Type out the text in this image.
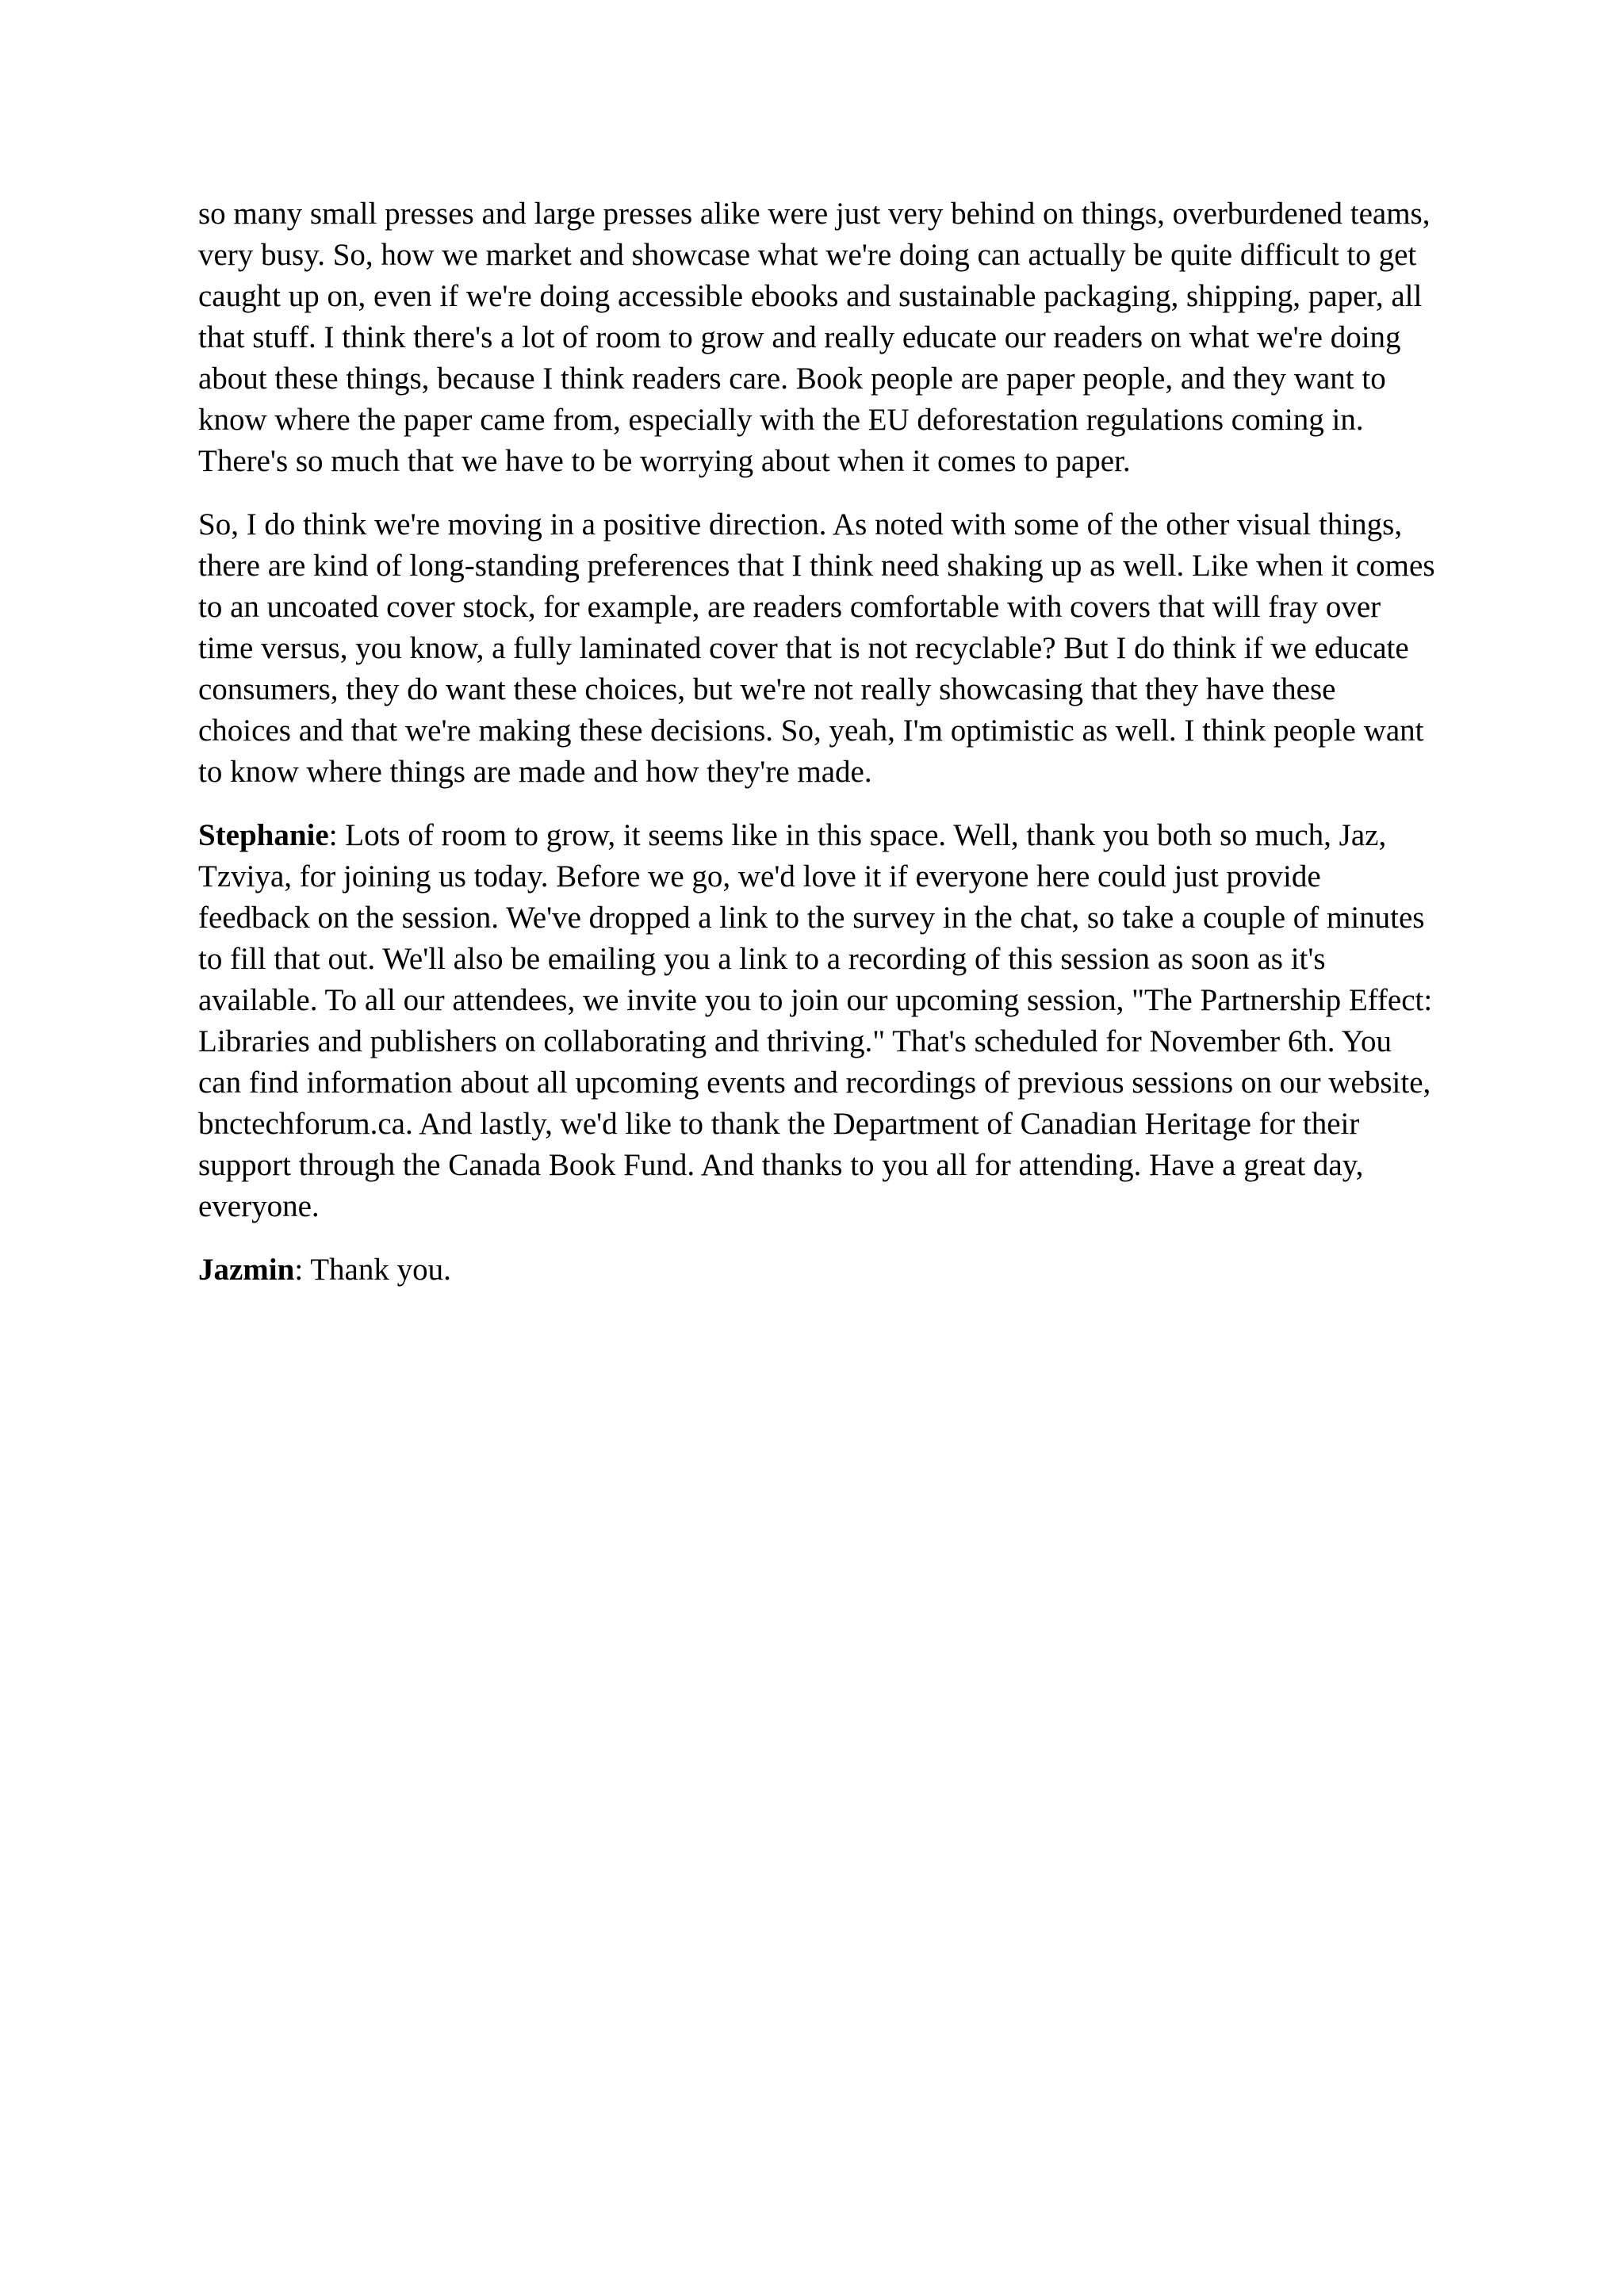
so many small presses and large presses alike were just very behind on things, overburdened teams, very busy. So, how we market and showcase what we're doing can actually be quite difficult to get caught up on, even if we're doing accessible ebooks and sustainable packaging, shipping, paper, all that stuff. I think there's a lot of room to grow and really educate our readers on what we're doing about these things, because I think readers care. Book people are paper people, and they want to know where the paper came from, especially with the EU deforestation regulations coming in. There's so much that we have to be worrying about when it comes to paper.

So, I do think we're moving in a positive direction. As noted with some of the other visual things, there are kind of long-standing preferences that I think need shaking up as well. Like when it comes to an uncoated cover stock, for example, are readers comfortable with covers that will fray over time versus, you know, a fully laminated cover that is not recyclable? But I do think if we educate consumers, they do want these choices, but we're not really showcasing that they have these choices and that we're making these decisions. So, yeah, I'm optimistic as well. I think people want to know where things are made and how they're made.

Stephanie: Lots of room to grow, it seems like in this space. Well, thank you both so much, Jaz, Tzviya, for joining us today. Before we go, we'd love it if everyone here could just provide feedback on the session. We've dropped a link to the survey in the chat, so take a couple of minutes to fill that out. We'll also be emailing you a link to a recording of this session as soon as it's available. To all our attendees, we invite you to join our upcoming session, "The Partnership Effect: Libraries and publishers on collaborating and thriving." That's scheduled for November 6th. You can find information about all upcoming events and recordings of previous sessions on our website, bnctechforum.ca. And lastly, we'd like to thank the Department of Canadian Heritage for their support through the Canada Book Fund. And thanks to you all for attending. Have a great day, everyone.

Jazmin: Thank you.
